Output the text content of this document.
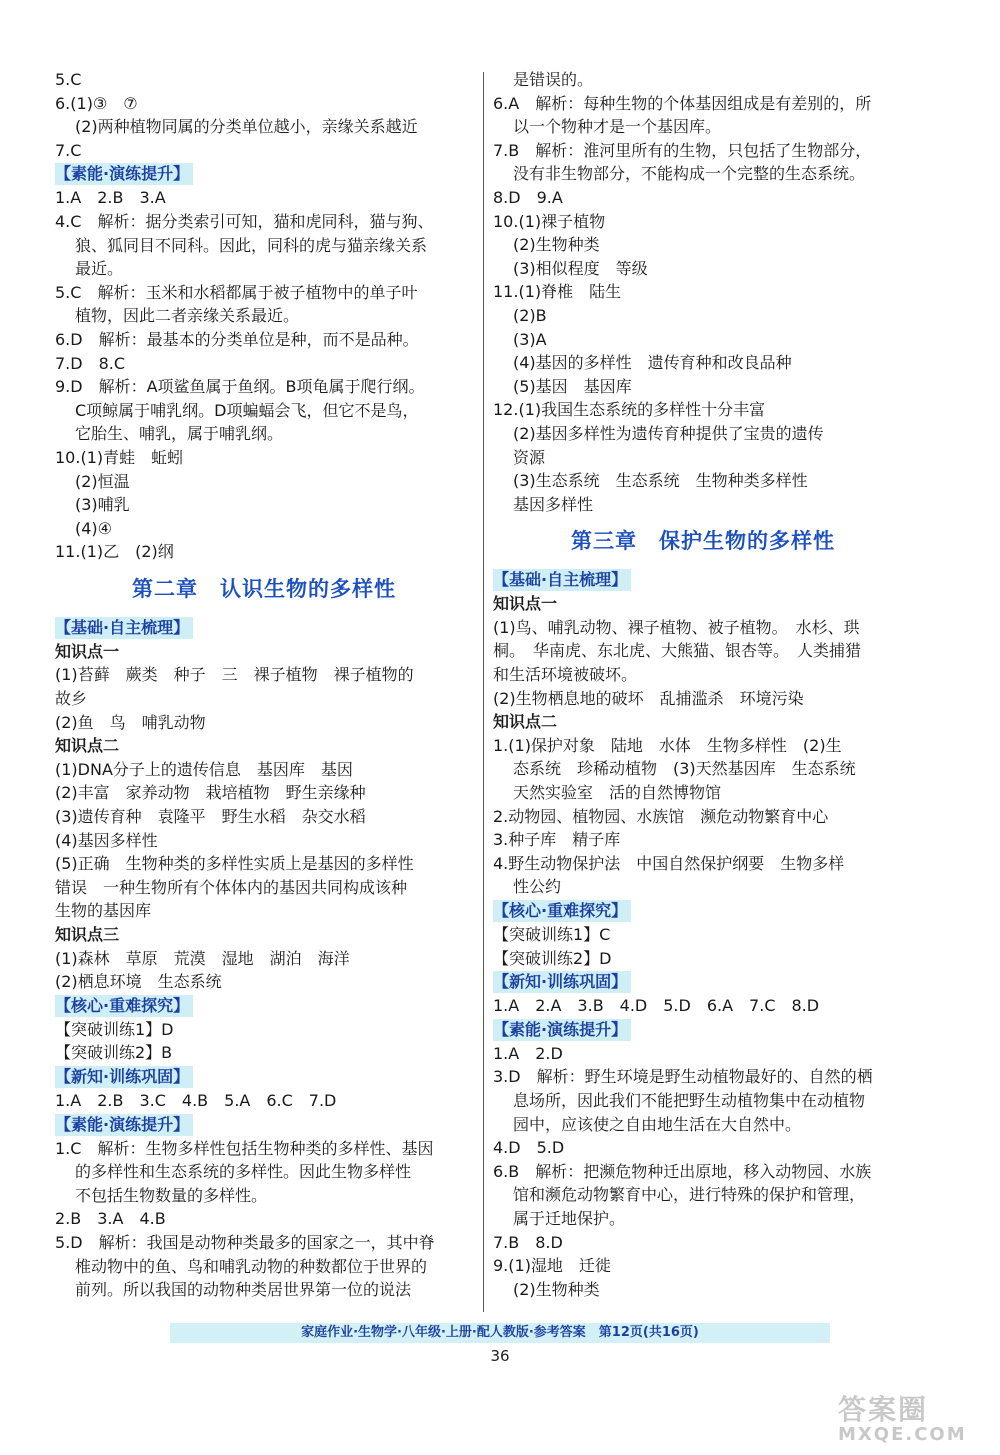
5.C
6.(1)③　⑦
(2)两种植物同属的分类单位越小，亲缘关系越近
7.C
【素能·演练提升】
1.A　2.B　3.A
4.C　解析：据分类索引可知，猫和虎同科，猫与狗、
狼、狐同目不同科。因此，同科的虎与猫亲缘关系
最近。
5.C　解析：玉米和水稻都属于被子植物中的单子叶
植物，因此二者亲缘关系最近。
6.D　解析：最基本的分类单位是种，而不是品种。
7.D　8.C
9.D　解析：A项鲨鱼属于鱼纲。B项龟属于爬行纲。
C项鲸属于哺乳纲。D项蝙蝠会飞，但它不是鸟，
它胎生、哺乳，属于哺乳纲。
10.(1)青蛙　蚯蚓
(2)恒温
(3)哺乳
(4)④
11.(1)乙　(2)纲
第二章　认识生物的多样性
【基础·自主梳理】
知识点一
(1)苔藓　蕨类　种子　三　裸子植物　裸子植物的
故乡
(2)鱼　鸟　哺乳动物
知识点二
(1)DNA分子上的遗传信息　基因库　基因
(2)丰富　家养动物　栽培植物　野生亲缘种
(3)遗传育种　袁隆平　野生水稻　杂交水稻
(4)基因多样性
(5)正确　生物种类的多样性实质上是基因的多样性
错误　一种生物所有个体体内的基因共同构成该种
生物的基因库
知识点三
(1)森林　草原　荒漠　湿地　湖泊　海洋
(2)栖息环境　生态系统
【核心·重难探究】
【突破训练1】D
【突破训练2】B
【新知·训练巩固】
1.A　2.B　3.C　4.B　5.A　6.C　7.D
【素能·演练提升】
1.C　解析：生物多样性包括生物种类的多样性、基因
的多样性和生态系统的多样性。因此生物多样性
不包括生物数量的多样性。
2.B　3.A　4.B
5.D　解析：我国是动物种类最多的国家之一，其中脊
椎动物中的鱼、鸟和哺乳动物的种数都位于世界的
前列。所以我国的动物种类居世界第一位的说法
是错误的。
6.A　解析：每种生物的个体基因组成是有差别的，所
以一个物种才是一个基因库。
7.B　解析：淮河里所有的生物，只包括了生物部分，
没有非生物部分，不能构成一个完整的生态系统。
8.D　9.A
10.(1)裸子植物
(2)生物种类
(3)相似程度　等级
11.(1)脊椎　陆生
(2)B
(3)A
(4)基因的多样性　遗传育种和改良品种
(5)基因　基因库
12.(1)我国生态系统的多样性十分丰富
(2)基因多样性为遗传育种提供了宝贵的遗传
资源
(3)生态系统　生态系统　生物种类多样性
基因多样性
第三章　保护生物的多样性
【基础·自主梳理】
知识点一
(1)鸟、哺乳动物、裸子植物、被子植物。　水杉、珙
桐。　华南虎、东北虎、大熊猫、银杏等。　人类捕猎
和生活环境被破坏。
(2)生物栖息地的破坏　乱捕滥杀　环境污染
知识点二
1.(1)保护对象　陆地　水体　生物多样性　(2)生
态系统　珍稀动植物　(3)天然基因库　生态系统
天然实验室　活的自然博物馆
2.动物园、植物园、水族馆　濒危动物繁育中心
3.种子库　精子库
4.野生动物保护法　中国自然保护纲要　生物多样
性公约
【核心·重难探究】
【突破训练1】C
【突破训练2】D
【新知·训练巩固】
1.A　2.A　3.B　4.D　5.D　6.A　7.C　8.D
【素能·演练提升】
1.A　2.D
3.D　解析：野生环境是野生动植物最好的、自然的栖
息场所，因此我们不能把野生动植物集中在动植物
园中，应该使之自由地生活在大自然中。
4.D　5.D
6.B　解析：把濒危物种迁出原地，移入动物园、水族
馆和濒危动物繁育中心，进行特殊的保护和管理，
属于迁地保护。
7.B　8.D
9.(1)湿地　迁徙
(2)生物种类
家庭作业·生物学·八年级·上册·配人教版·参考答案　第12页(共16页)
36
答案圈
MXQE.COM
